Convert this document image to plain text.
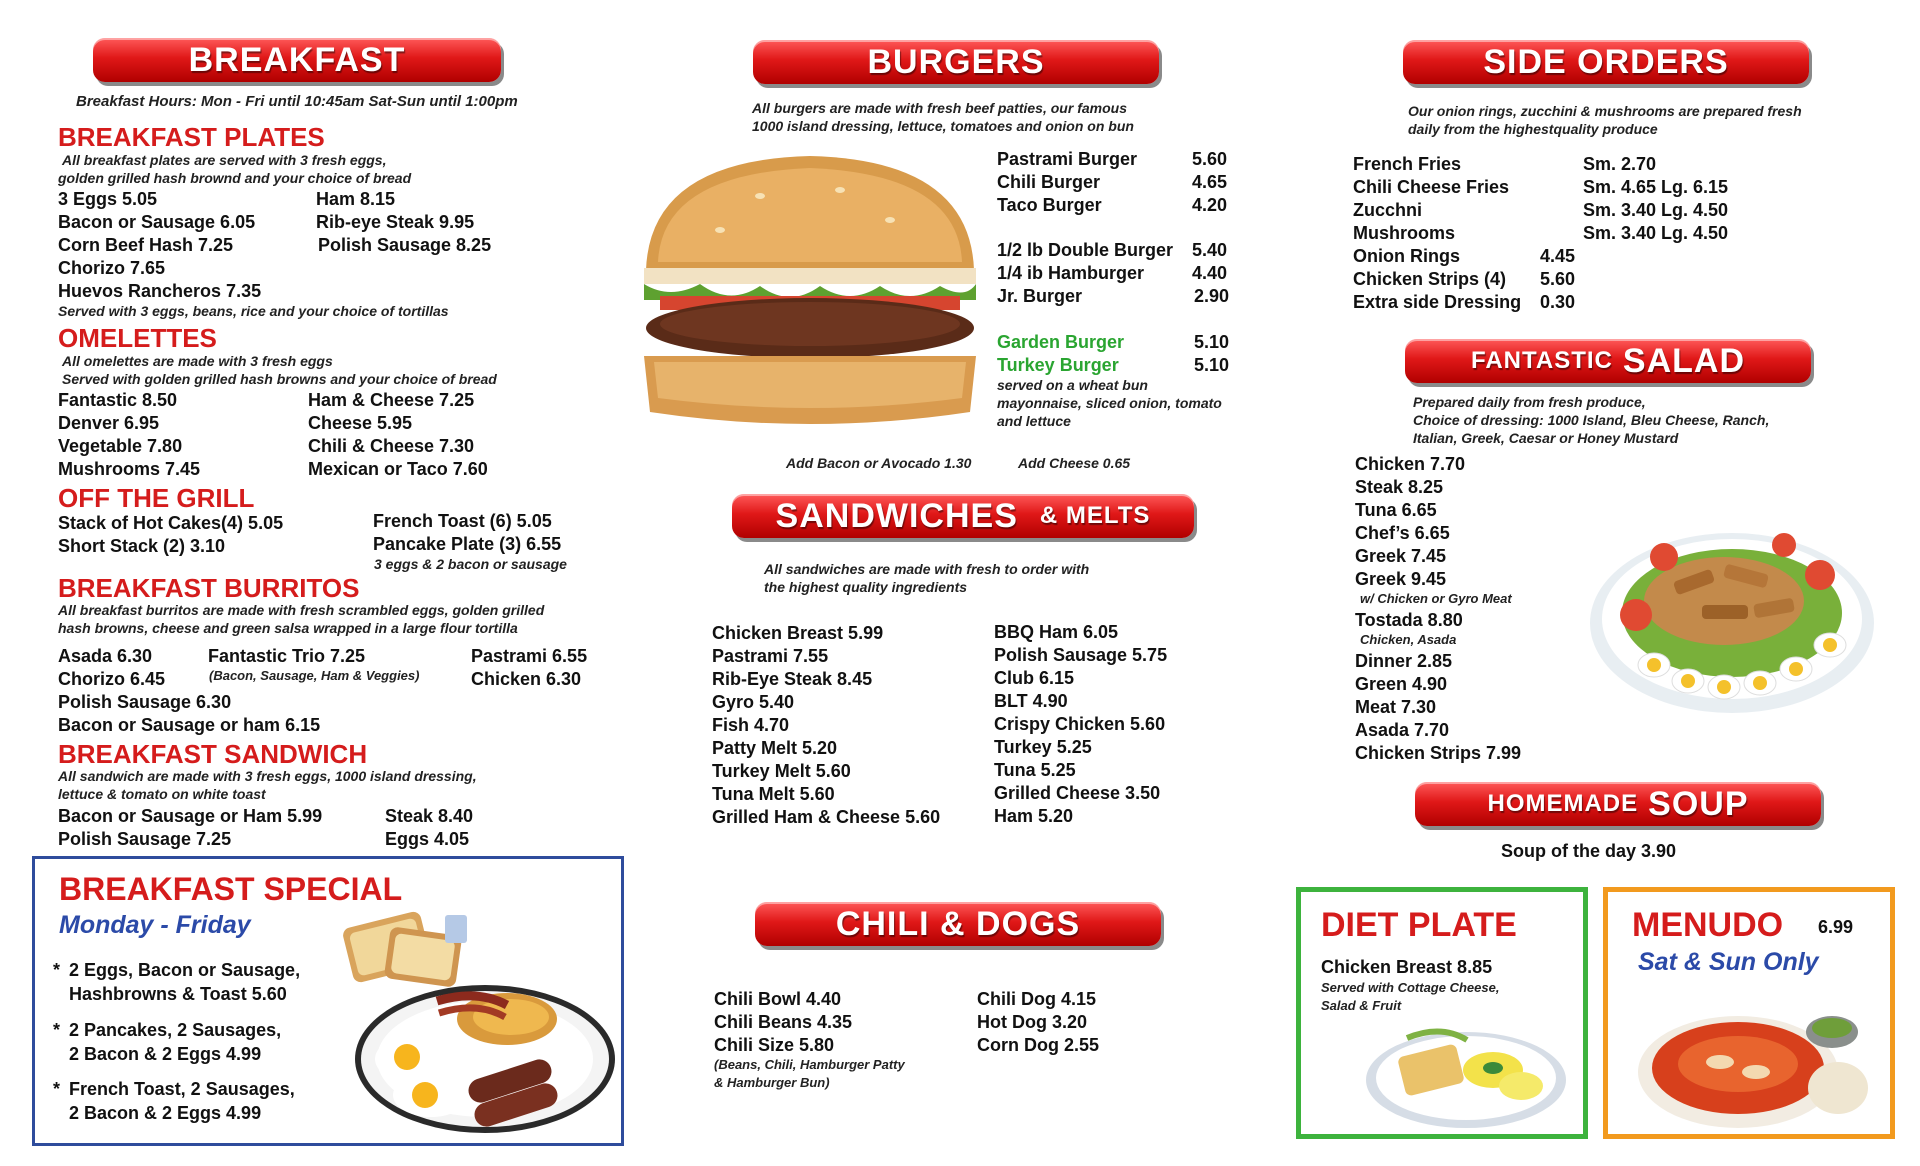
BREAKFAST
Breakfast Hours: Mon - Fri until 10:45am Sat-Sun until 1:00pm
BREAKFAST PLATES
All breakfast plates are served with 3 fresh eggs,
golden grilled hash brownd and your choice of bread
3 Eggs 5.05	Ham 8.15
Bacon or Sausage 6.05	Rib-eye Steak 9.95
Corn Beef Hash 7.25	Polish Sausage 8.25
Chorizo 7.65
Huevos Rancheros 7.35
Served with 3 eggs, beans, rice and your choice of tortillas
OMELETTES
All omelettes are made with 3 fresh eggs
Served with golden grilled hash browns and your choice of bread
Fantastic 8.50	Ham & Cheese 7.25
Denver 6.95	Cheese 5.95
Vegetable 7.80	Chili & Cheese 7.30
Mushrooms 7.45	Mexican or Taco 7.60
OFF THE GRILL
Stack of Hot Cakes(4) 5.05	French Toast (6) 5.05
Short Stack (2) 3.10	Pancake Plate (3) 6.55
3 eggs & 2 bacon or sausage
BREAKFAST BURRITOS
All breakfast burritos are made with fresh scrambled eggs, golden grilled
hash browns, cheese and green salsa wrapped in a large flour tortilla
Asada 6.30	Fantastic Trio 7.25	Pastrami 6.55
Chorizo 6.45	(Bacon, Sausage, Ham & Veggies)	Chicken 6.30
Polish Sausage 6.30
Bacon or Sausage or ham 6.15
BREAKFAST SANDWICH
All sandwich are made with 3 fresh eggs, 1000 island dressing,
lettuce & tomato on white toast
Bacon or Sausage or Ham 5.99	Steak 8.40
Polish Sausage 7.25	Eggs 4.05
BREAKFAST SPECIAL
Monday - Friday
* 2 Eggs, Bacon or Sausage,
Hashbrowns & Toast 5.60
* 2 Pancakes, 2 Sausages,
2 Bacon & 2 Eggs 4.99
* French Toast, 2 Sausages,
2 Bacon & 2 Eggs 4.99
BURGERS
All burgers are made with fresh beef patties, our famous
1000 island dressing, lettuce, tomatoes and onion on bun
Pastrami Burger	5.60
Chili Burger	4.65
Taco Burger	4.20
1/2 lb Double Burger 5.40
1/4 ib Hamburger	4.40
Jr. Burger	2.90
Garden Burger	5.10
Turkey Burger	5.10
served on a wheat bun
mayonnaise, sliced onion, tomato
and lettuce
Add Bacon or Avocado 1.30	Add Cheese 0.65
SANDWICHES & MELTS
All sandwiches are made with fresh to order with
the highest quality ingredients
Chicken Breast 5.99
Pastrami 7.55
Rib-Eye Steak 8.45
Gyro 5.40
Fish 4.70
Patty Melt 5.20
Turkey Melt 5.60
Tuna Melt 5.60
Grilled Ham & Cheese 5.60
BBQ Ham 6.05
Polish Sausage 5.75
Club 6.15
BLT 4.90
Crispy Chicken 5.60
Turkey 5.25
Tuna 5.25
Grilled Cheese 3.50
Ham 5.20
CHILI & DOGS
Chili Bowl 4.40
Chili Beans 4.35
Chili Size 5.80
(Beans, Chili, Hamburger Patty
& Hamburger Bun)
Chili Dog 4.15
Hot Dog 3.20
Corn Dog 2.55
SIDE ORDERS
Our onion rings, zucchini & mushrooms are prepared fresh
daily from the highestquality produce
French Fries	Sm. 2.70
Chili Cheese Fries	Sm. 4.65 Lg. 6.15
Zucchni	Sm. 3.40 Lg. 4.50
Mushrooms	Sm. 3.40 Lg. 4.50
Onion Rings	4.45
Chicken Strips (4) 5.60
Extra side Dressing 0.30
FANTASTIC SALAD
Prepared daily from fresh produce,
Choice of dressing: 1000 Island, Bleu Cheese, Ranch,
Italian, Greek, Caesar or Honey Mustard
Chicken 7.70
Steak 8.25
Tuna 6.65
Chef’s 6.65
Greek 7.45
Greek 9.45
w/ Chicken or Gyro Meat
Tostada 8.80
Chicken, Asada
Dinner 2.85
Green 4.90
Meat 7.30
Asada 7.70
Chicken Strips 7.99
HOMEMADE SOUP
Soup of the day 3.90
DIET PLATE
Chicken Breast 8.85
Served with Cottage Cheese,
Salad & Fruit
MENUDO 6.99
Sat & Sun Only
